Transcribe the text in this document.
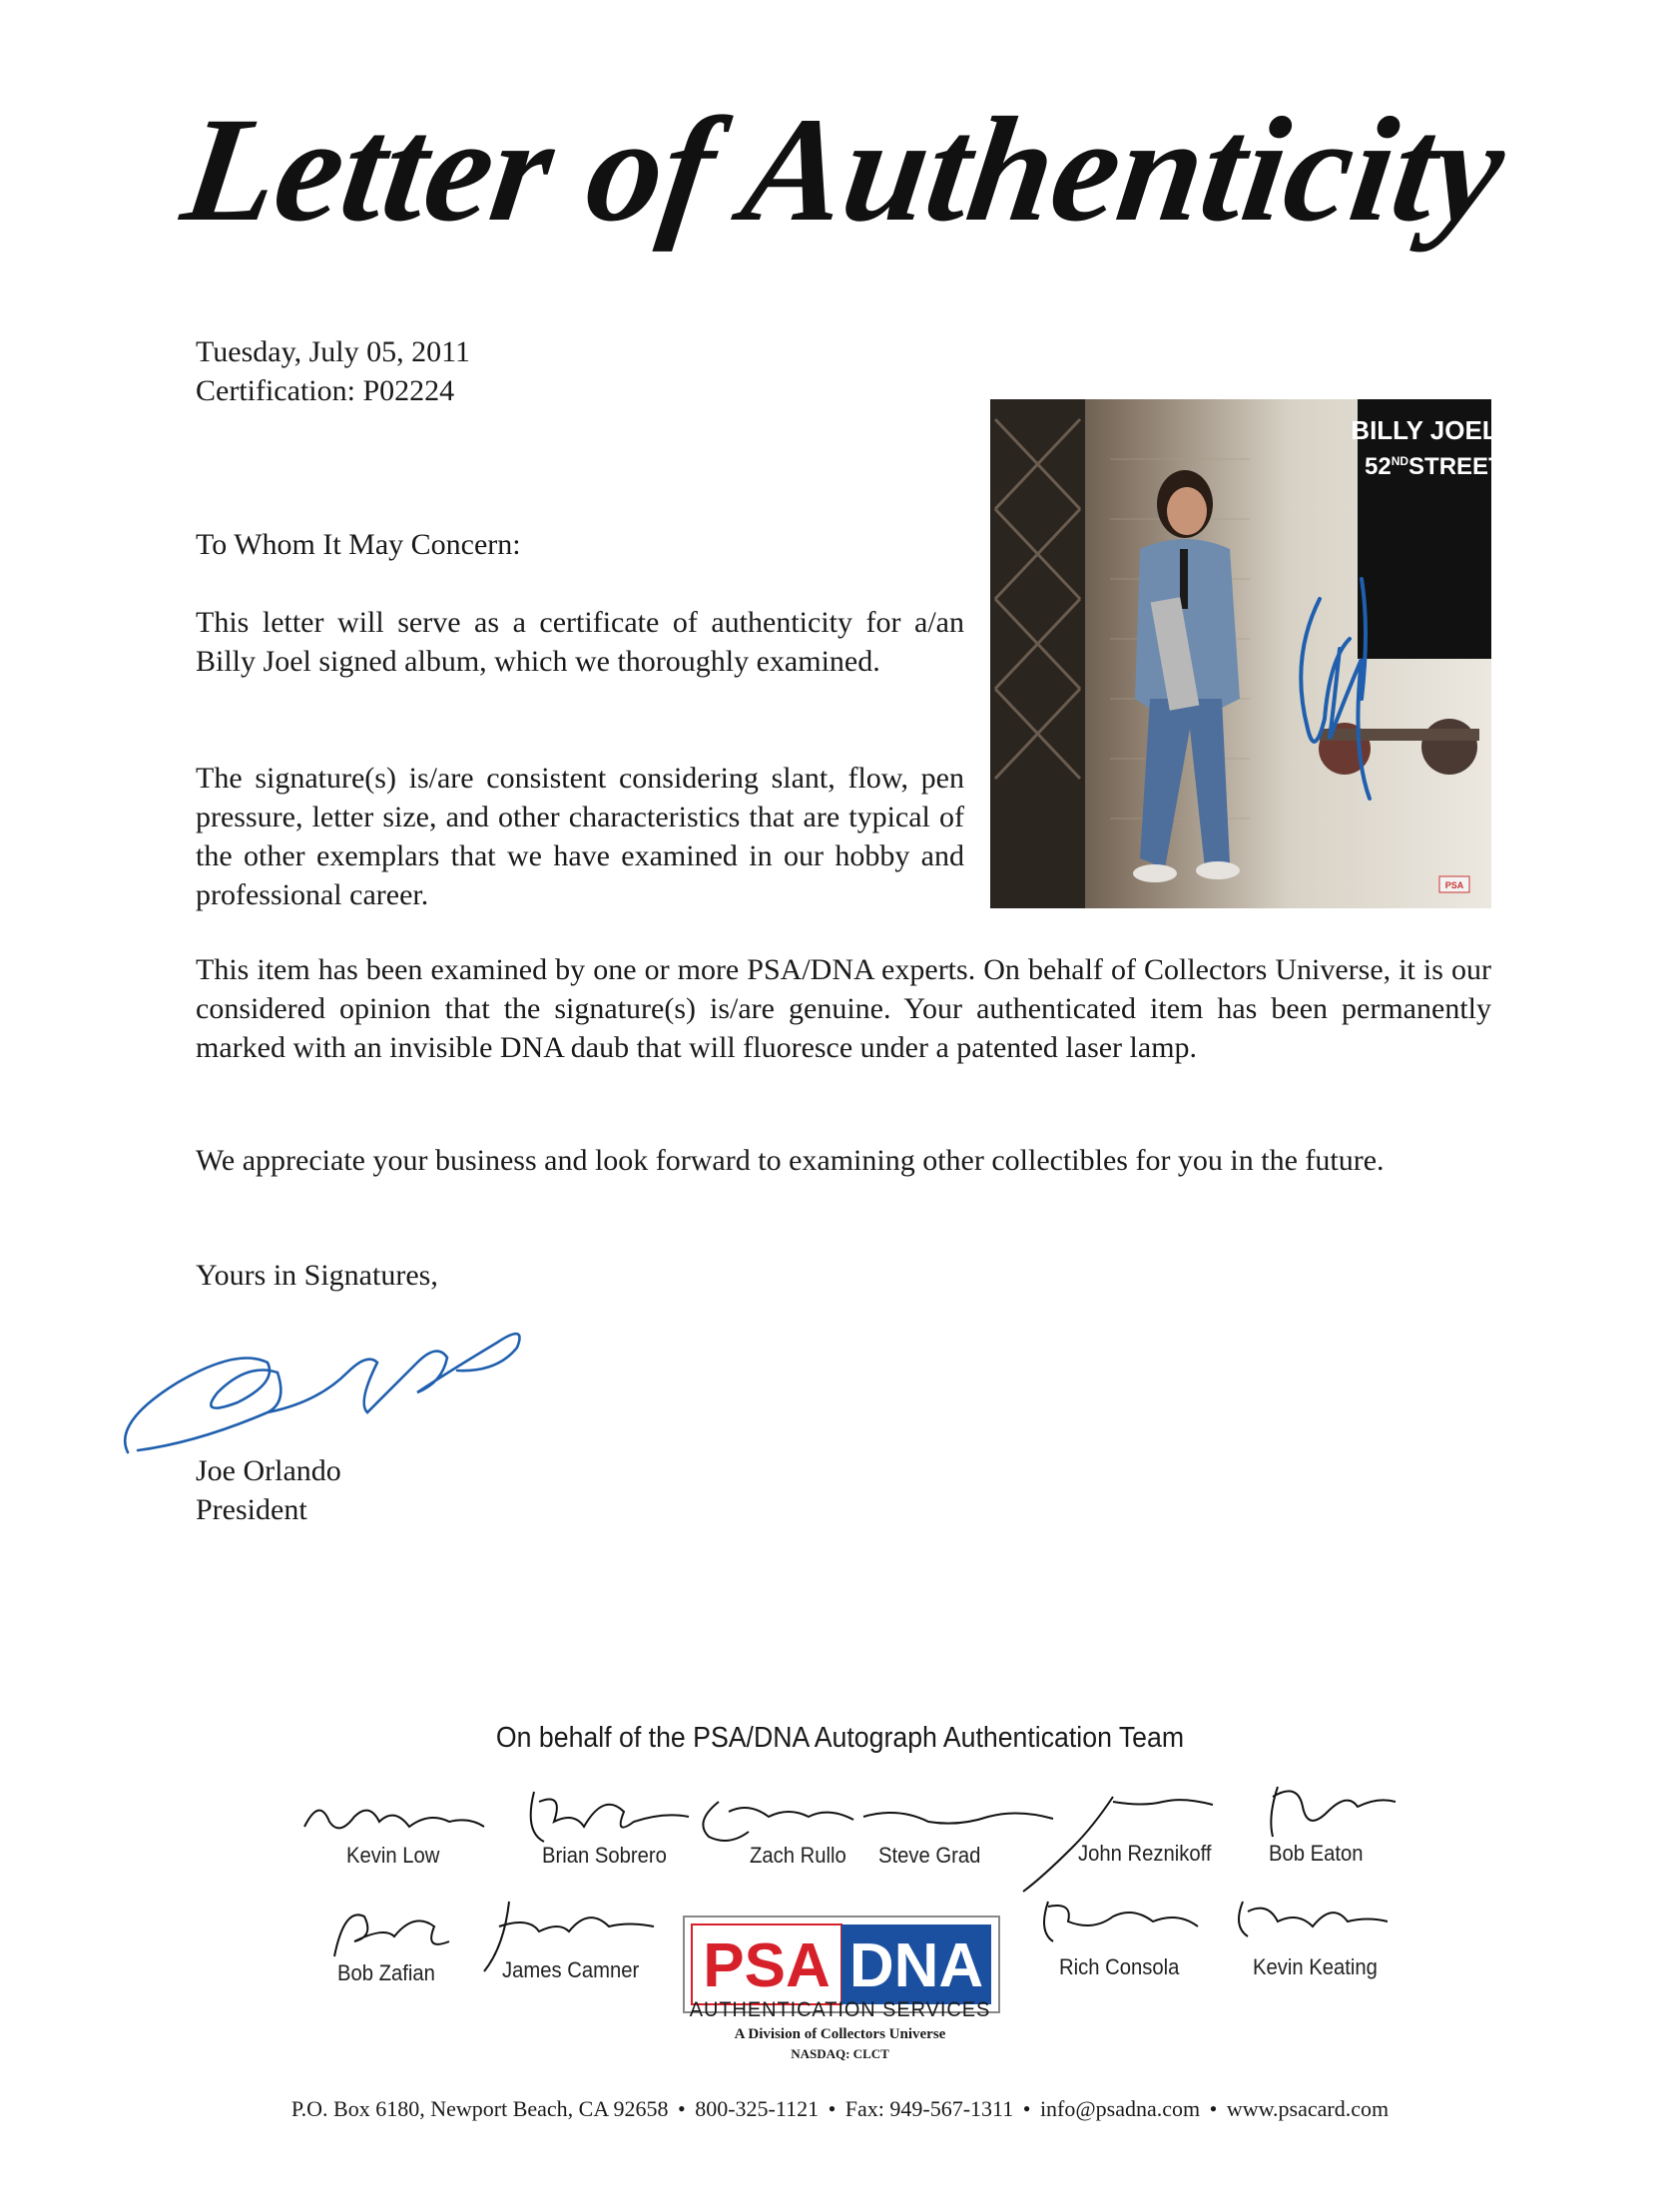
Letter of Authenticity
Tuesday, July 05, 2011
Certification: P02224
BILLY JOEL
52NDSTREET
PSA
To Whom It May Concern:
This letter will serve as a certificate of authenticity for a/an Billy Joel signed album, which we thoroughly examined.
The signature(s) is/are consistent considering slant, flow, pen pressure, letter size, and other characteristics that are typical of the other exemplars that we have examined in our hobby and professional career.
This item has been examined by one or more PSA/DNA experts. On behalf of Collectors Universe, it is our considered opinion that the signature(s) is/are genuine. Your authenticated item has been permanently marked with an invisible DNA daub that will fluoresce under a patented laser lamp.
We appreciate your business and look forward to examining other collectibles for you in the future.
Yours in Signatures,
Joe Orlando
President
On behalf of the PSA/DNA Autograph Authentication Team
Kevin Low	Brian Sobrero	Zach Rullo Steve Grad	John Reznikoff	Bob Eaton
Bob Zafian	James Camner	Rich Consola	Kevin Keating
PSA DNA
AUTHENTICATION SERVICES
A Division of Collectors Universe
NASDAQ: CLCT
P.O. Box 6180, Newport Beach, CA 92658 • 800-325-1121 • Fax: 949-567-1311 • info@psadna.com • www.psacard.com
